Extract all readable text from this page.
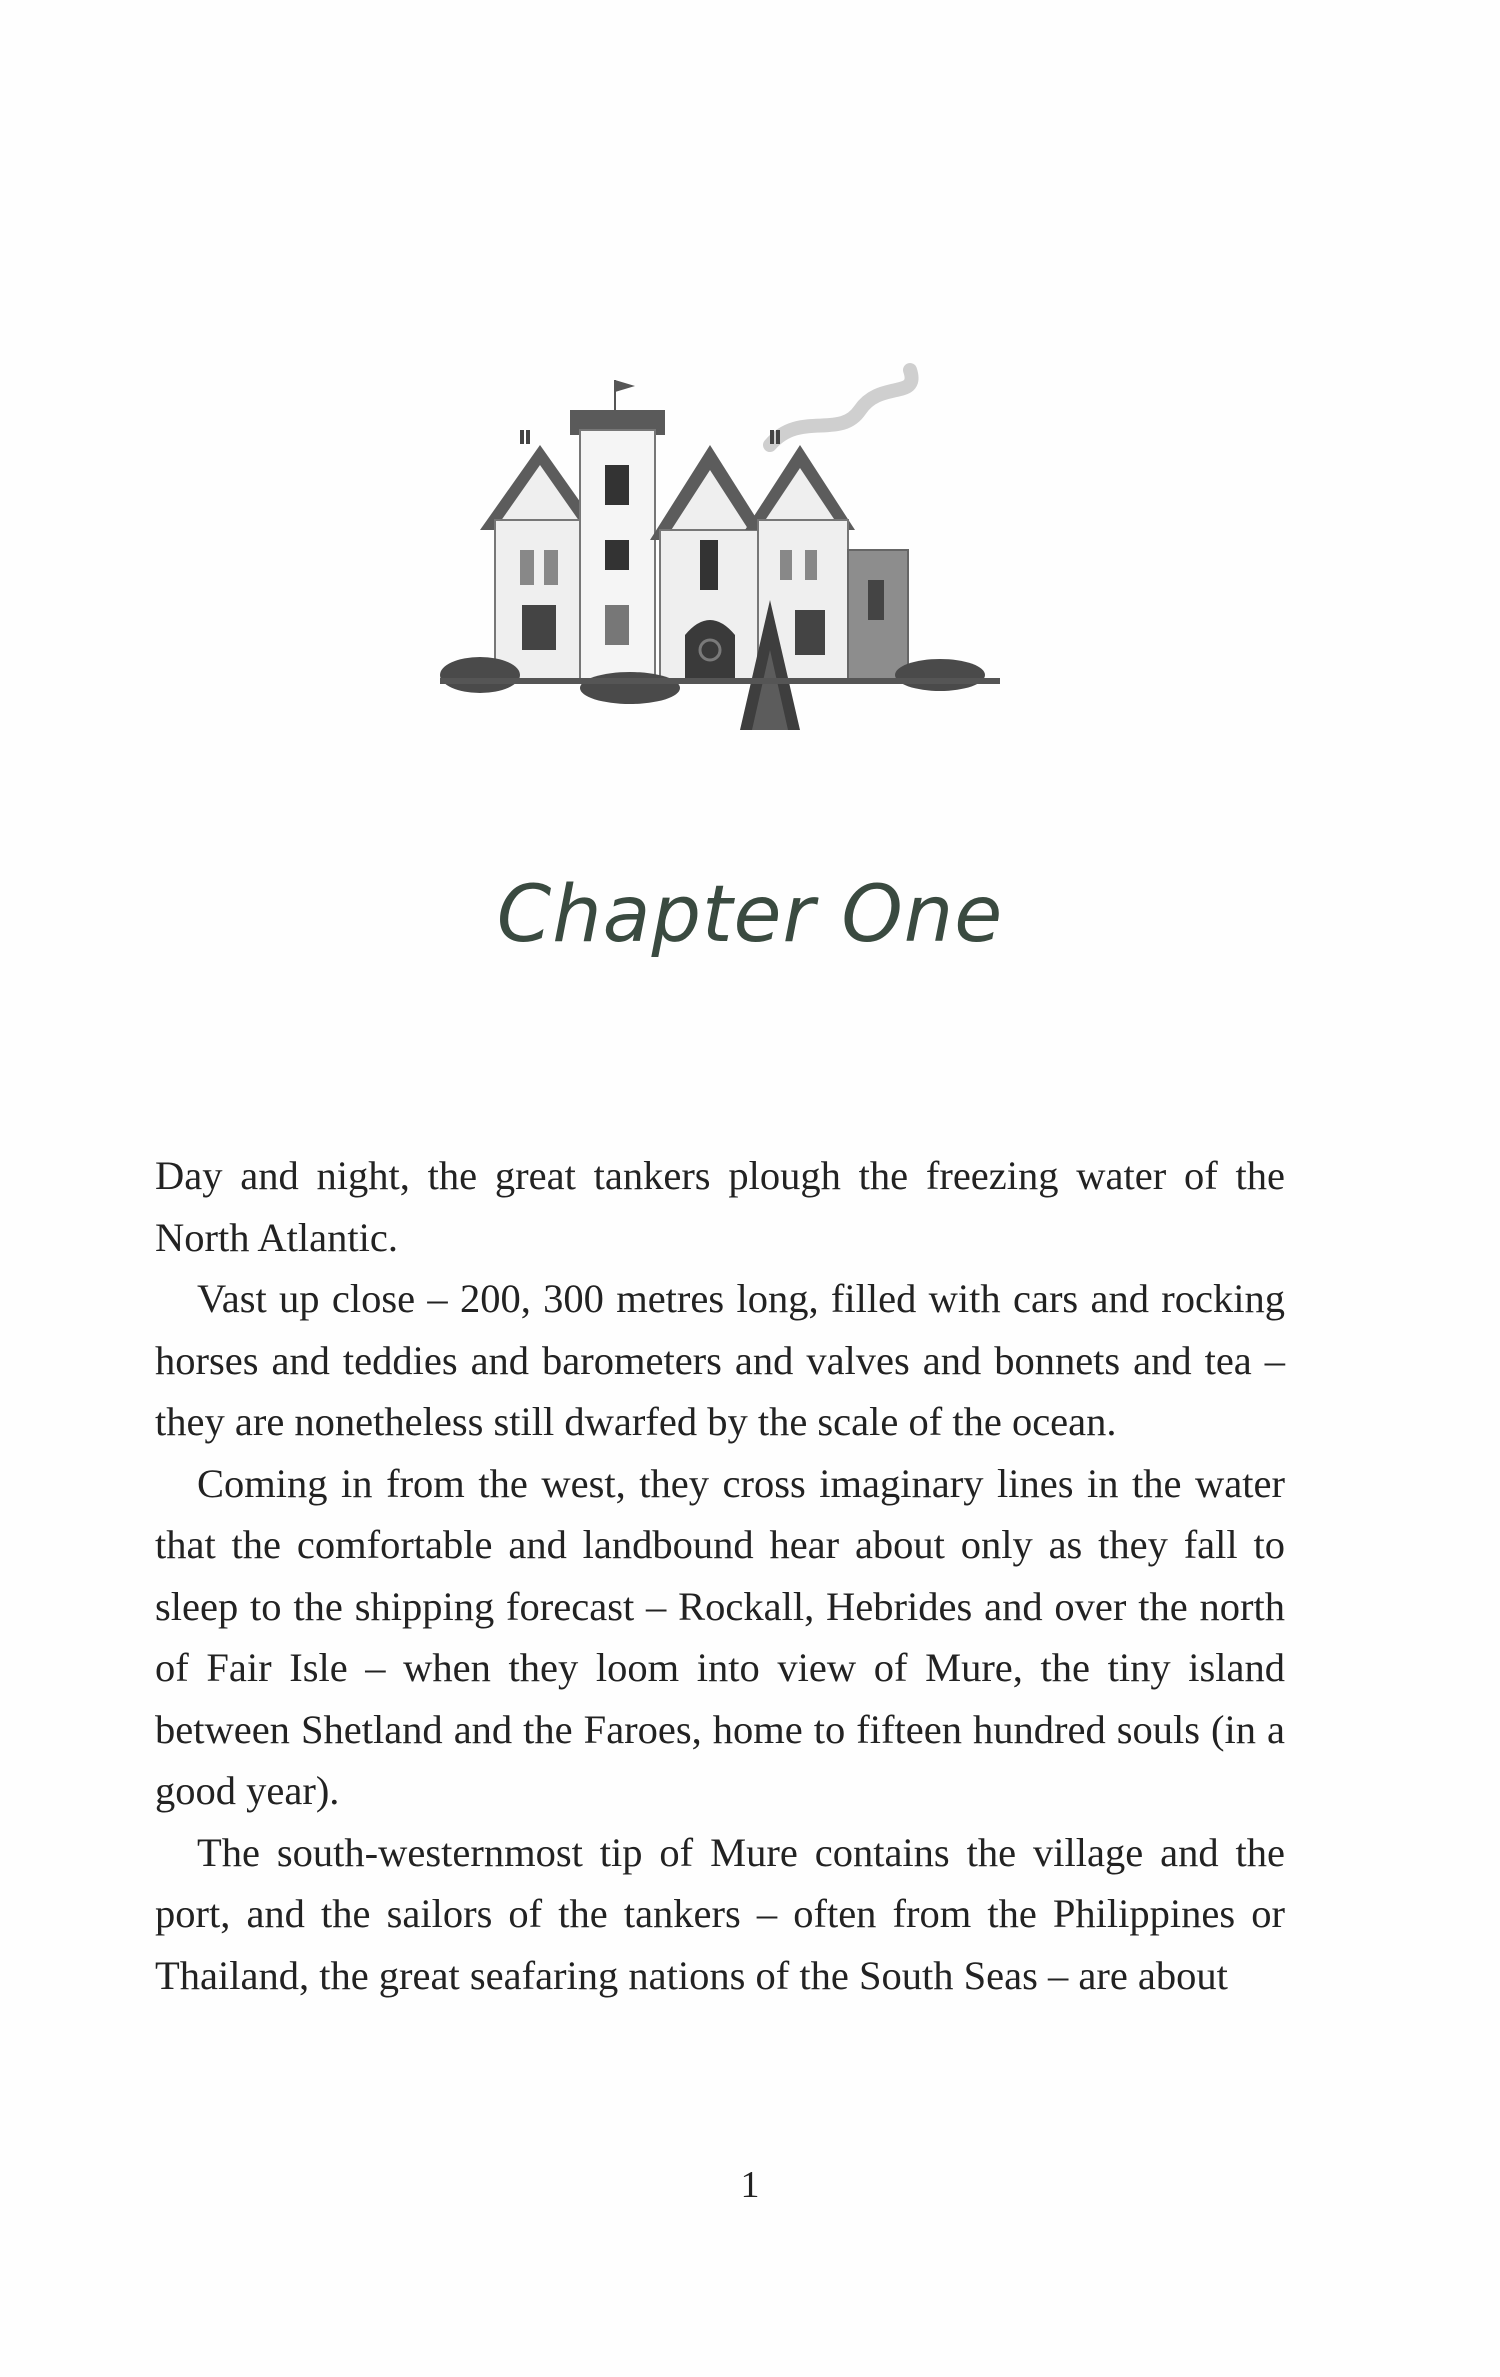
Chapter One

Day and night, the great tankers plough the freezing water of the North Atlantic.

Vast up close – 200, 300 metres long, filled with cars and rocking horses and teddies and barometers and valves and bonnets and tea – they are nonetheless still dwarfed by the scale of the ocean.

Coming in from the west, they cross imaginary lines in the water that the comfortable and landbound hear about only as they fall to sleep to the shipping forecast – Rockall, Hebrides and over the north of Fair Isle – when they loom into view of Mure, the tiny island between Shetland and the Faroes, home to fifteen hundred souls (in a good year).

The south-westernmost tip of Mure contains the village and the port, and the sailors of the tankers – often from the Philippines or Thailand, the great seafaring nations of the South Seas – are about

1
